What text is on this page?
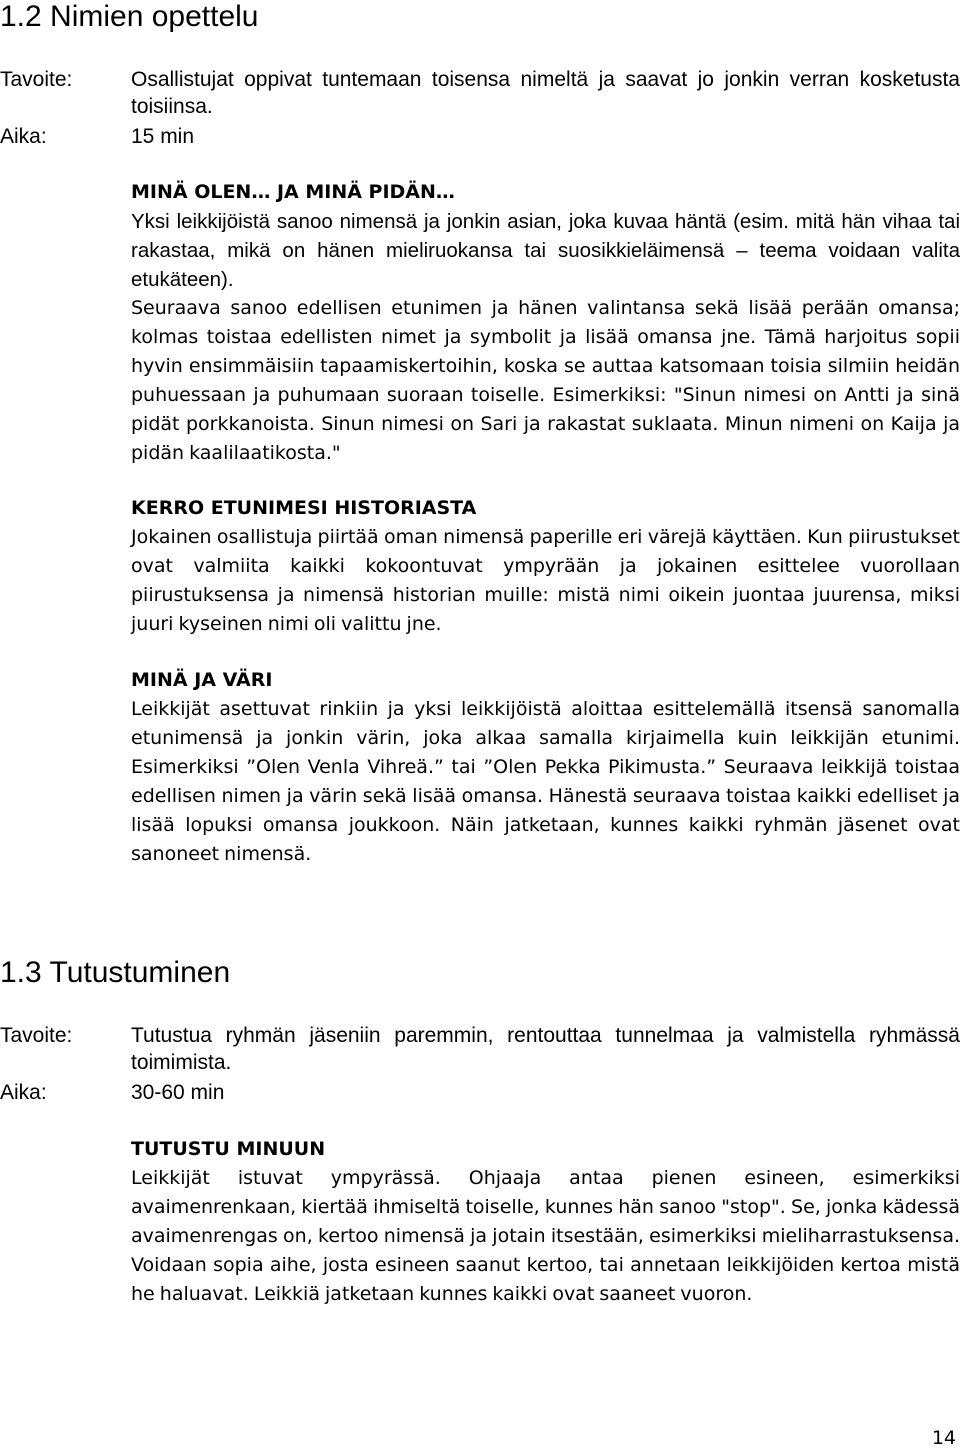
1.2 Nimien opettelu
Tavoite:	Osallistujat oppivat tuntemaan toisensa nimeltä ja saavat jo jonkin verran kosketusta toisiinsa.
Aika:	15 min

MINÄ OLEN… JA MINÄ PIDÄN…

Yksi leikkijöistä sanoo nimensä ja jonkin asian, joka kuvaa häntä (esim. mitä hän vihaa tai rakastaa, mikä on hänen mieliruokansa tai suosikkieläimensä – teema voidaan valita etukäteen).

Seuraava sanoo edellisen etunimen ja hänen valintansa sekä lisää perään omansa; kolmas toistaa edellisten nimet ja symbolit ja lisää omansa jne. Tämä harjoitus sopii hyvin ensimmäisiin tapaamiskertoihin, koska se auttaa katsomaan toisia silmiin heidän puhuessaan ja puhumaan suoraan toiselle. Esimerkiksi: "Sinun nimesi on Antti ja sinä pidät porkkanoista. Sinun nimesi on Sari ja rakastat suklaata. Minun nimeni on Kaija ja pidän kaalilaatikosta."

KERRO ETUNIMESI HISTORIASTA

Jokainen osallistuja piirtää oman nimensä paperille eri värejä käyttäen. Kun piirustukset ovat valmiita kaikki kokoontuvat ympyrään ja jokainen esittelee vuorollaan piirustuksensa ja nimensä historian muille: mistä nimi oikein juontaa juurensa, miksi juuri kyseinen nimi oli valittu jne.

MINÄ JA VÄRI

Leikkijät asettuvat rinkiin ja yksi leikkijöistä aloittaa esittelemällä itsensä sanomalla etunimensä ja jonkin värin, joka alkaa samalla kirjaimella kuin leikkijän etunimi. Esimerkiksi ”Olen Venla Vihreä.” tai ”Olen Pekka Pikimusta.” Seuraava leikkijä toistaa edellisen nimen ja värin sekä lisää omansa. Hänestä seuraava toistaa kaikki edelliset ja lisää lopuksi omansa joukkoon. Näin jatketaan, kunnes kaikki ryhmän jäsenet ovat sanoneet nimensä.

1.3 Tutustuminen
Tavoite:	Tutustua ryhmän jäseniin paremmin, rentouttaa tunnelmaa ja valmistella ryhmässä toimimista.
Aika:	30-60 min

TUTUSTU MINUUN

Leikkijät istuvat ympyrässä. Ohjaaja antaa pienen esineen, esimerkiksi avaimenrenkaan, kiertää ihmiseltä toiselle, kunnes hän sanoo "stop". Se, jonka kädessä avaimenrengas on, kertoo nimensä ja jotain itsestään, esimerkiksi mieliharrastuksensa. Voidaan sopia aihe, josta esineen saanut kertoo, tai annetaan leikkijöiden kertoa mistä he haluavat. Leikkiä jatketaan kunnes kaikki ovat saaneet vuoron.

14
